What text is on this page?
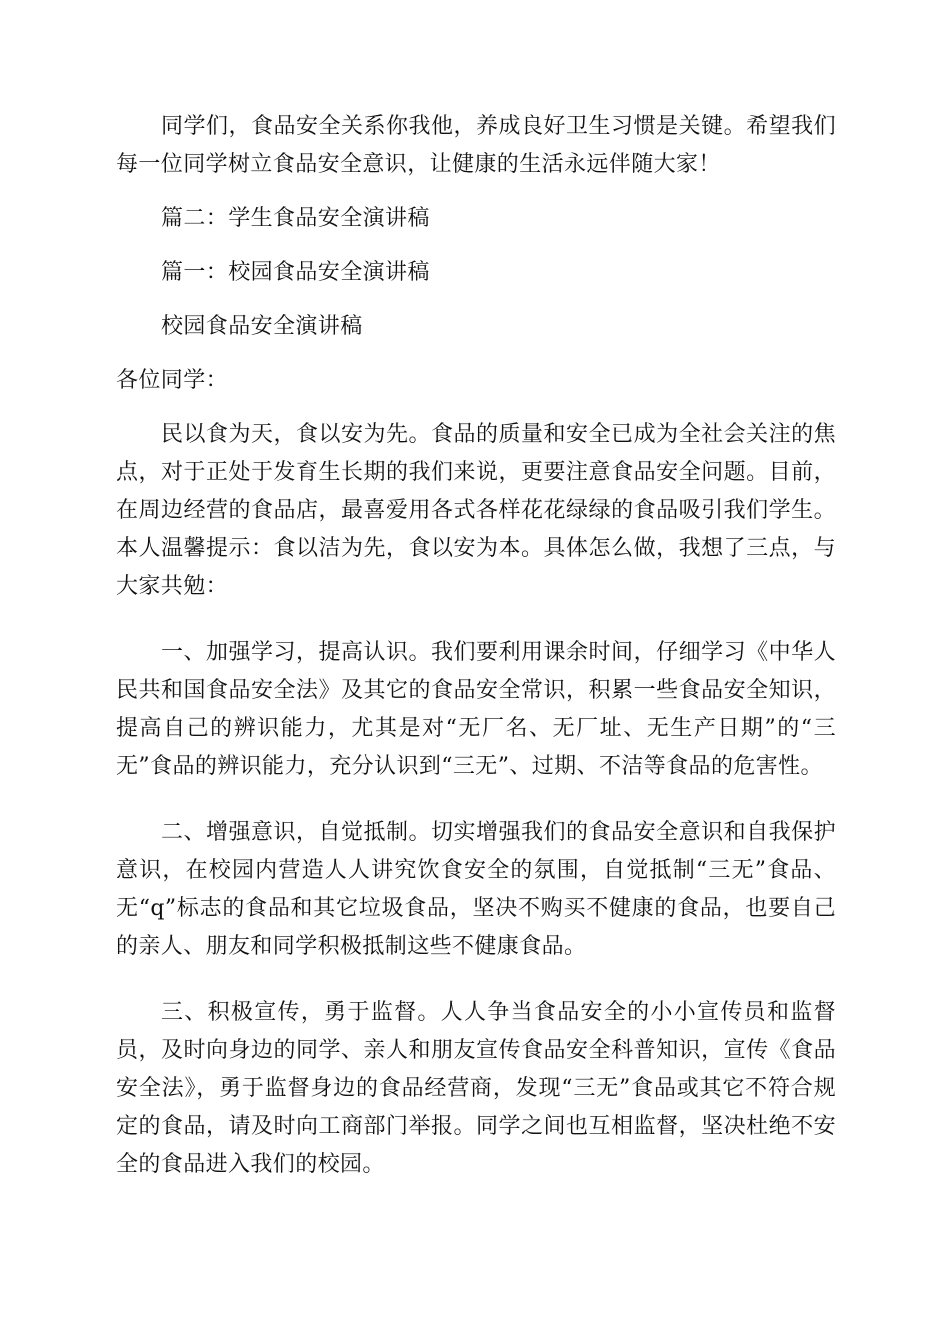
同学们，食品安全关系你我他，养成良好卫生习惯是关键。希望我们每一位同学树立食品安全意识，让健康的生活永远伴随大家！

篇二：学生食品安全演讲稿

篇一：校园食品安全演讲稿

校园食品安全演讲稿

各位同学：

民以食为天，食以安为先。食品的质量和安全已成为全社会关注的焦点，对于正处于发育生长期的我们来说，更要注意食品安全问题。目前，在周边经营的食品店，最喜爱用各式各样花花绿绿的食品吸引我们学生。本人温馨提示：食以洁为先，食以安为本。具体怎么做，我想了三点，与大家共勉：

一、加强学习，提高认识。我们要利用课余时间，仔细学习《中华人民共和国食品安全法》及其它的食品安全常识，积累一些食品安全知识，提高自己的辨识能力，尤其是对“无厂名、无厂址、无生产日期”的“三无”食品的辨识能力，充分认识到“三无”、过期、不洁等食品的危害性。

二、增强意识，自觉抵制。切实增强我们的食品安全意识和自我保护意识，在校园内营造人人讲究饮食安全的氛围，自觉抵制“三无”食品、无“q”标志的食品和其它垃圾食品，坚决不购买不健康的食品，也要自己的亲人、朋友和同学积极抵制这些不健康食品。

三、积极宣传，勇于监督。人人争当食品安全的小小宣传员和监督员，及时向身边的同学、亲人和朋友宣传食品安全科普知识，宣传《食品安全法》，勇于监督身边的食品经营商，发现“三无”食品或其它不符合规定的食品，请及时向工商部门举报。同学之间也互相监督，坚决杜绝不安全的食品进入我们的校园。
